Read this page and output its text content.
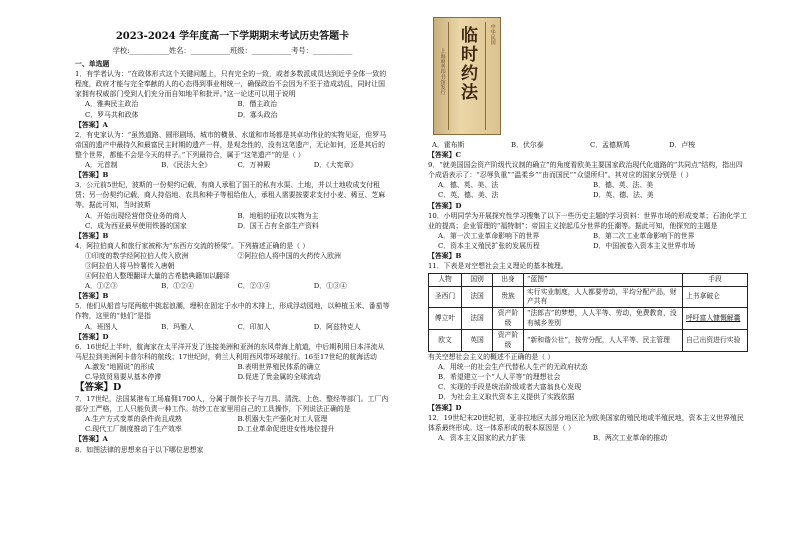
2023-2024 学年度高一下学期期末考试历史答题卡
学校:___________姓名：___________班级：___________考号：___________

一、单选题

1．有学者认为：“在政体形式这个关键问题上，只有完全的一致，或者多数派成员达到近乎全体一致的程度，政府才能与完全奉献的人的心态得到事业相统一，确保政治不会因为不至于造成动乱，同时让国家拥有权威部门受到人们充分而自知地平和批评。”这一论述可以用于说明

A．雅典民主政治	B．僭主政治
C．罗马共和政体	D．寡头政治

【答案】A

2．有史家认为：“虽然道路、圆形剧场、城市的横景、水道和市场都是其卓功伟业的实物见证，但罗马帝国的遗产中最持久和最富民主时期的遗产一样，是观念性的，没有这笔遗产，无论如何，还是其后的整个世界，都能不会是今天的样子。”下列最符合，属于“这笔遗产”的是（ ）

A．元首制	B．《民法大全》	C．万神殿	D．《大宪章》

【答案】B

3．公元前5世纪，波斯的一份契约记载，有商人承租了国王的私有水渠、土地，并以土地收成支付租赁；另一份契约记载，商人持俗地、农具和种子等租给他人，承租人需要按要求支付小麦、稀豆、芝麻等。据此可知，当时波斯

A．开始出现经营借贷业务的商人	B．地租的征收以实物为主
C．成为西亚最早使用铁器的国家	D．国王占有全部生产资料

【答案】B

4．阿拉伯商人和旅行家被称为“东西方交流的桥梁”。下列描述正确的是（ ）

①印度的数学经阿拉伯人传入欧洲	②阿拉伯人将中国的火药传入欧洲

③阿拉伯人将马铃薯传入唐朝

④阿拉伯人整理翻译大量的古希腊典籍加以翻译

A．①②③	B．①②④	C．②③④	D．①③④

【答案】B

5．他们从船首与尾两舷中挑起浪潮，埋积在固定于水中的木排上，形成浮动园地，以种植玉米、番茄等作物，这里的“他们”是指

A．班图人	B．玛雅人	C．印加人	D．阿兹特克人

【答案】D

6．16世纪上半叶，航海家在太平洋开发了连接美洲和亚洲的东风带海上航道，中后期利用日本洋流从马尼拉到美洲阿卡普尔科的航线；17世纪时，荷兰人利用西风带环球航行。16至17世纪的航海活动

A.激发“地圆说”的形成	B.表明世界殖民体系的确立
C.导致贸易要从基本停滞	D.促进了贵金属的全球流动

【答案】D

7．17世纪，法国某港布工场雇佣1700人，分属于制作长子与刀具、清洗、上色、整经等部门。工厂内部分工严格，工人只能负责一种工作。纺纱工在家里用自己的工具操作，下列说法正确的是

A.生产方式变革的条件尚且成熟	B.机器大生产强化对工人管理
C.现代工厂制度推动了生产效率	D.工业革命促进进女性地位提升

【答案】A

8．如图法律的思想来自于以下哪位思想家

中华民国
临时约法
上海商务印书馆发行
A．霍布斯	B．伏尔泰	C．孟德斯鸠	D．卢梭

【答案】C

9．“就美国国会资产阶级代议制的确立”的角度看欧美主要国家政治现代化道路的“共同点”结构，指出四个成语表示了：“忍辱负重”“温柔乡”“由而国民”“众望所归”。其对应的国家分别是（ ）

A．德、英、美、法	B．德、英、法、美
C．英、德、美、法	D．英、德、法、美

【答案】D

10．小明同学为开展探究性学习搜集了以下一些历史主题的学习资料：世界市场的形成变革；石油化学工业的提高；企业管理的“福特制”；帝国主义掠起瓜分世界的狂潮等。据此可知，他探究的主题是

A．第一次工业革命影响下的世界	B．第二次工业革命影响下的世界
C．资本主义殖民扩张的发展历程	D．中国被卷入资本主义世界市场

【答案】B

11．下表是对空想社会主义理论的基本梳理。

人物	国别	出身	“蓝图”	手段
圣西门	法国	贵族	实行实业制度，人人都要劳动，平均分配产品，财产共有	上书拿破仑
傅立叶	法国	资产阶级	“法郎吉”的梦想，人人平等、劳动，免费教育，没有城乡差别	呼吁富人慷慨解囊
欧文	英国	资产阶级	“新和谐公社”，按劳分配，人人平等、民主管理	自己出资进行实验

有关空想社会主义的概述不正确的是（ ）

A．用统一的社会生产代替私人生产的无政府状态

B．希望建立一个“人人平等”的理想社会

C．实现的手段是统治阶级或者大富翁良心发现

D．为社会主义取代资本主义提供了实践依据

【答案】D

12．19世纪末20世纪初，亚非拉地区大部分地区沦为欧美国家的殖民地或半殖民地，资本主义世界殖民体系最终形成。这一体系形成的根本原因是（ ）

A．资本主义国家的武力扩张	B．两次工业革命的推动
